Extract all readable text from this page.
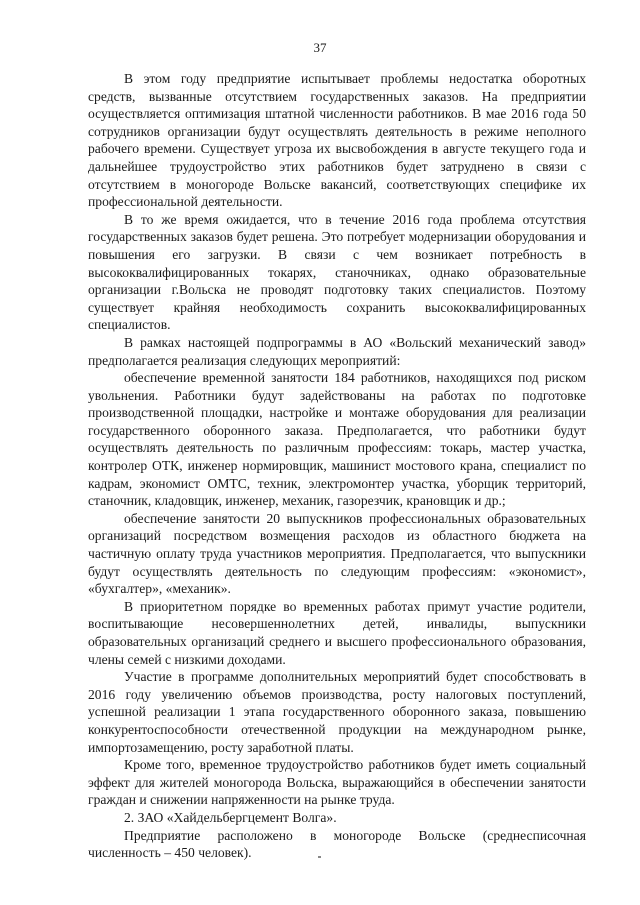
37

В этом году предприятие испытывает проблемы недостатка оборотных средств, вызванные отсутствием государственных заказов. На предприятии осуществляется оптимизация штатной численности работников. В мае 2016 года 50 сотрудников организации будут осуществлять деятельность в режиме неполного рабочего времени. Существует угроза их высвобождения в августе текущего года и дальнейшее трудоустройство этих работников будет затруднено в связи с отсутствием в моногороде Вольске вакансий, соответствующих специфике их профессиональной деятельности.

В то же время ожидается, что в течение 2016 года проблема отсутствия государственных заказов будет решена. Это потребует модернизации оборудования и повышения его загрузки. В связи с чем возникает потребность в высококвалифицированных токарях, станочниках, однако образовательные организации г.Вольска не проводят подготовку таких специалистов. Поэтому существует крайняя необходимость сохранить высококвалифицированных специалистов.

В рамках настоящей подпрограммы в АО «Вольский механический завод» предполагается реализация следующих мероприятий:

обеспечение временной занятости 184 работников, находящихся под риском увольнения. Работники будут задействованы на работах по подготовке производственной площадки, настройке и монтаже оборудования для реализации государственного оборонного заказа. Предполагается, что работники будут осуществлять деятельность по различным профессиям: токарь, мастер участка, контролер ОТК, инженер нормировщик, машинист мостового крана, специалист по кадрам, экономист ОМТС, техник, электромонтер участка, уборщик территорий, станочник, кладовщик, инженер, механик, газорезчик, крановщик и др.;

обеспечение занятости 20 выпускников профессиональных образовательных организаций посредством возмещения расходов из областного бюджета на частичную оплату труда участников мероприятия. Предполагается, что выпускники будут осуществлять деятельность по следующим профессиям: «экономист», «бухгалтер», «механик».

В приоритетном порядке во временных работах примут участие родители, воспитывающие несовершеннолетних детей, инвалиды, выпускники образовательных организаций среднего и высшего профессионального образования, члены семей с низкими доходами.

Участие в программе дополнительных мероприятий будет способствовать в 2016 году увеличению объемов производства, росту налоговых поступлений, успешной реализации 1 этапа государственного оборонного заказа, повышению конкурентоспособности отечественной продукции на международном рынке, импортозамещению, росту заработной платы.

Кроме того, временное трудоустройство работников будет иметь социальный эффект для жителей моногорода Вольска, выражающийся в обеспечении занятости граждан и снижении напряженности на рынке труда.

2. ЗАО «Хайдельбергцемент Волга».

Предприятие расположено в моногороде Вольске (среднесписочная численность – 450 человек).
